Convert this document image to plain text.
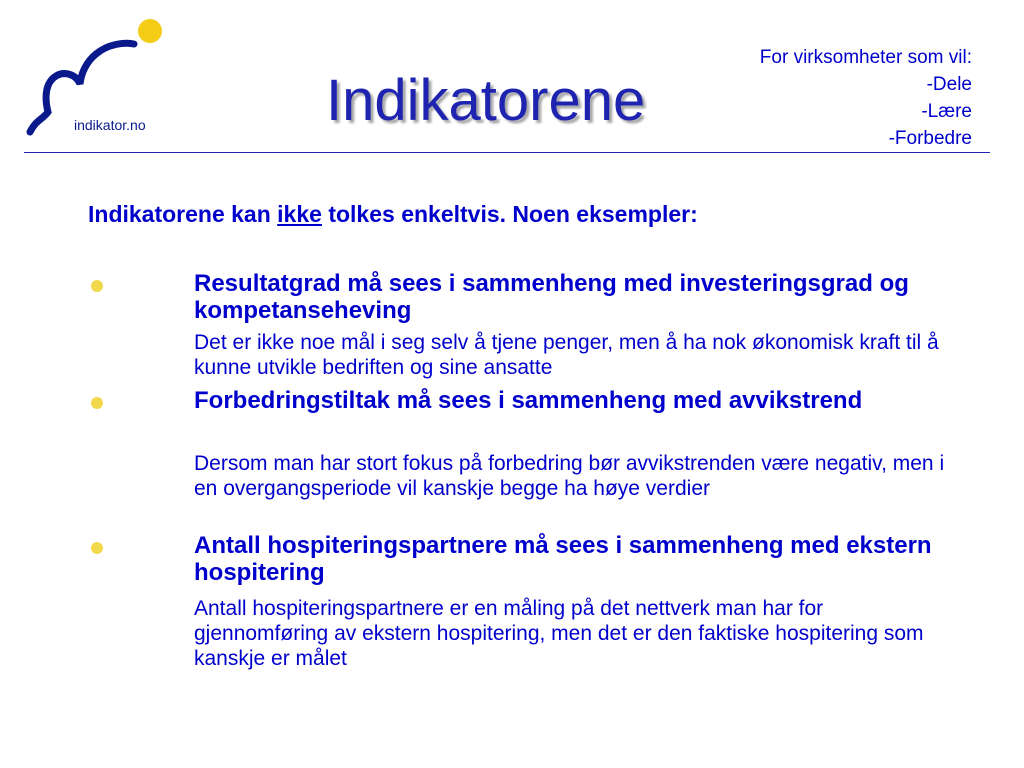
indikator.no	Indikatorene
For virksomheter som vil:
-Dele
-Lære
-Forbedre
Indikatorene kan ikke tolkes enkeltvis. Noen eksempler:
Resultatgrad må sees i sammenheng med investeringsgrad og kompetanseheving
Det er ikke noe mål i seg selv å tjene penger, men å ha nok økonomisk kraft til å kunne utvikle bedriften og sine ansatte
Forbedringstiltak må sees i sammenheng med avvikstrend
Dersom man har stort fokus på forbedring bør avvikstrenden være negativ, men i en overgangsperiode vil kanskje begge ha høye verdier
Antall hospiteringspartnere må sees i sammenheng med ekstern hospitering
Antall hospiteringspartnere er en måling på det nettverk man har for gjennomføring av ekstern hospitering, men det er den faktiske hospitering som kanskje er målet
